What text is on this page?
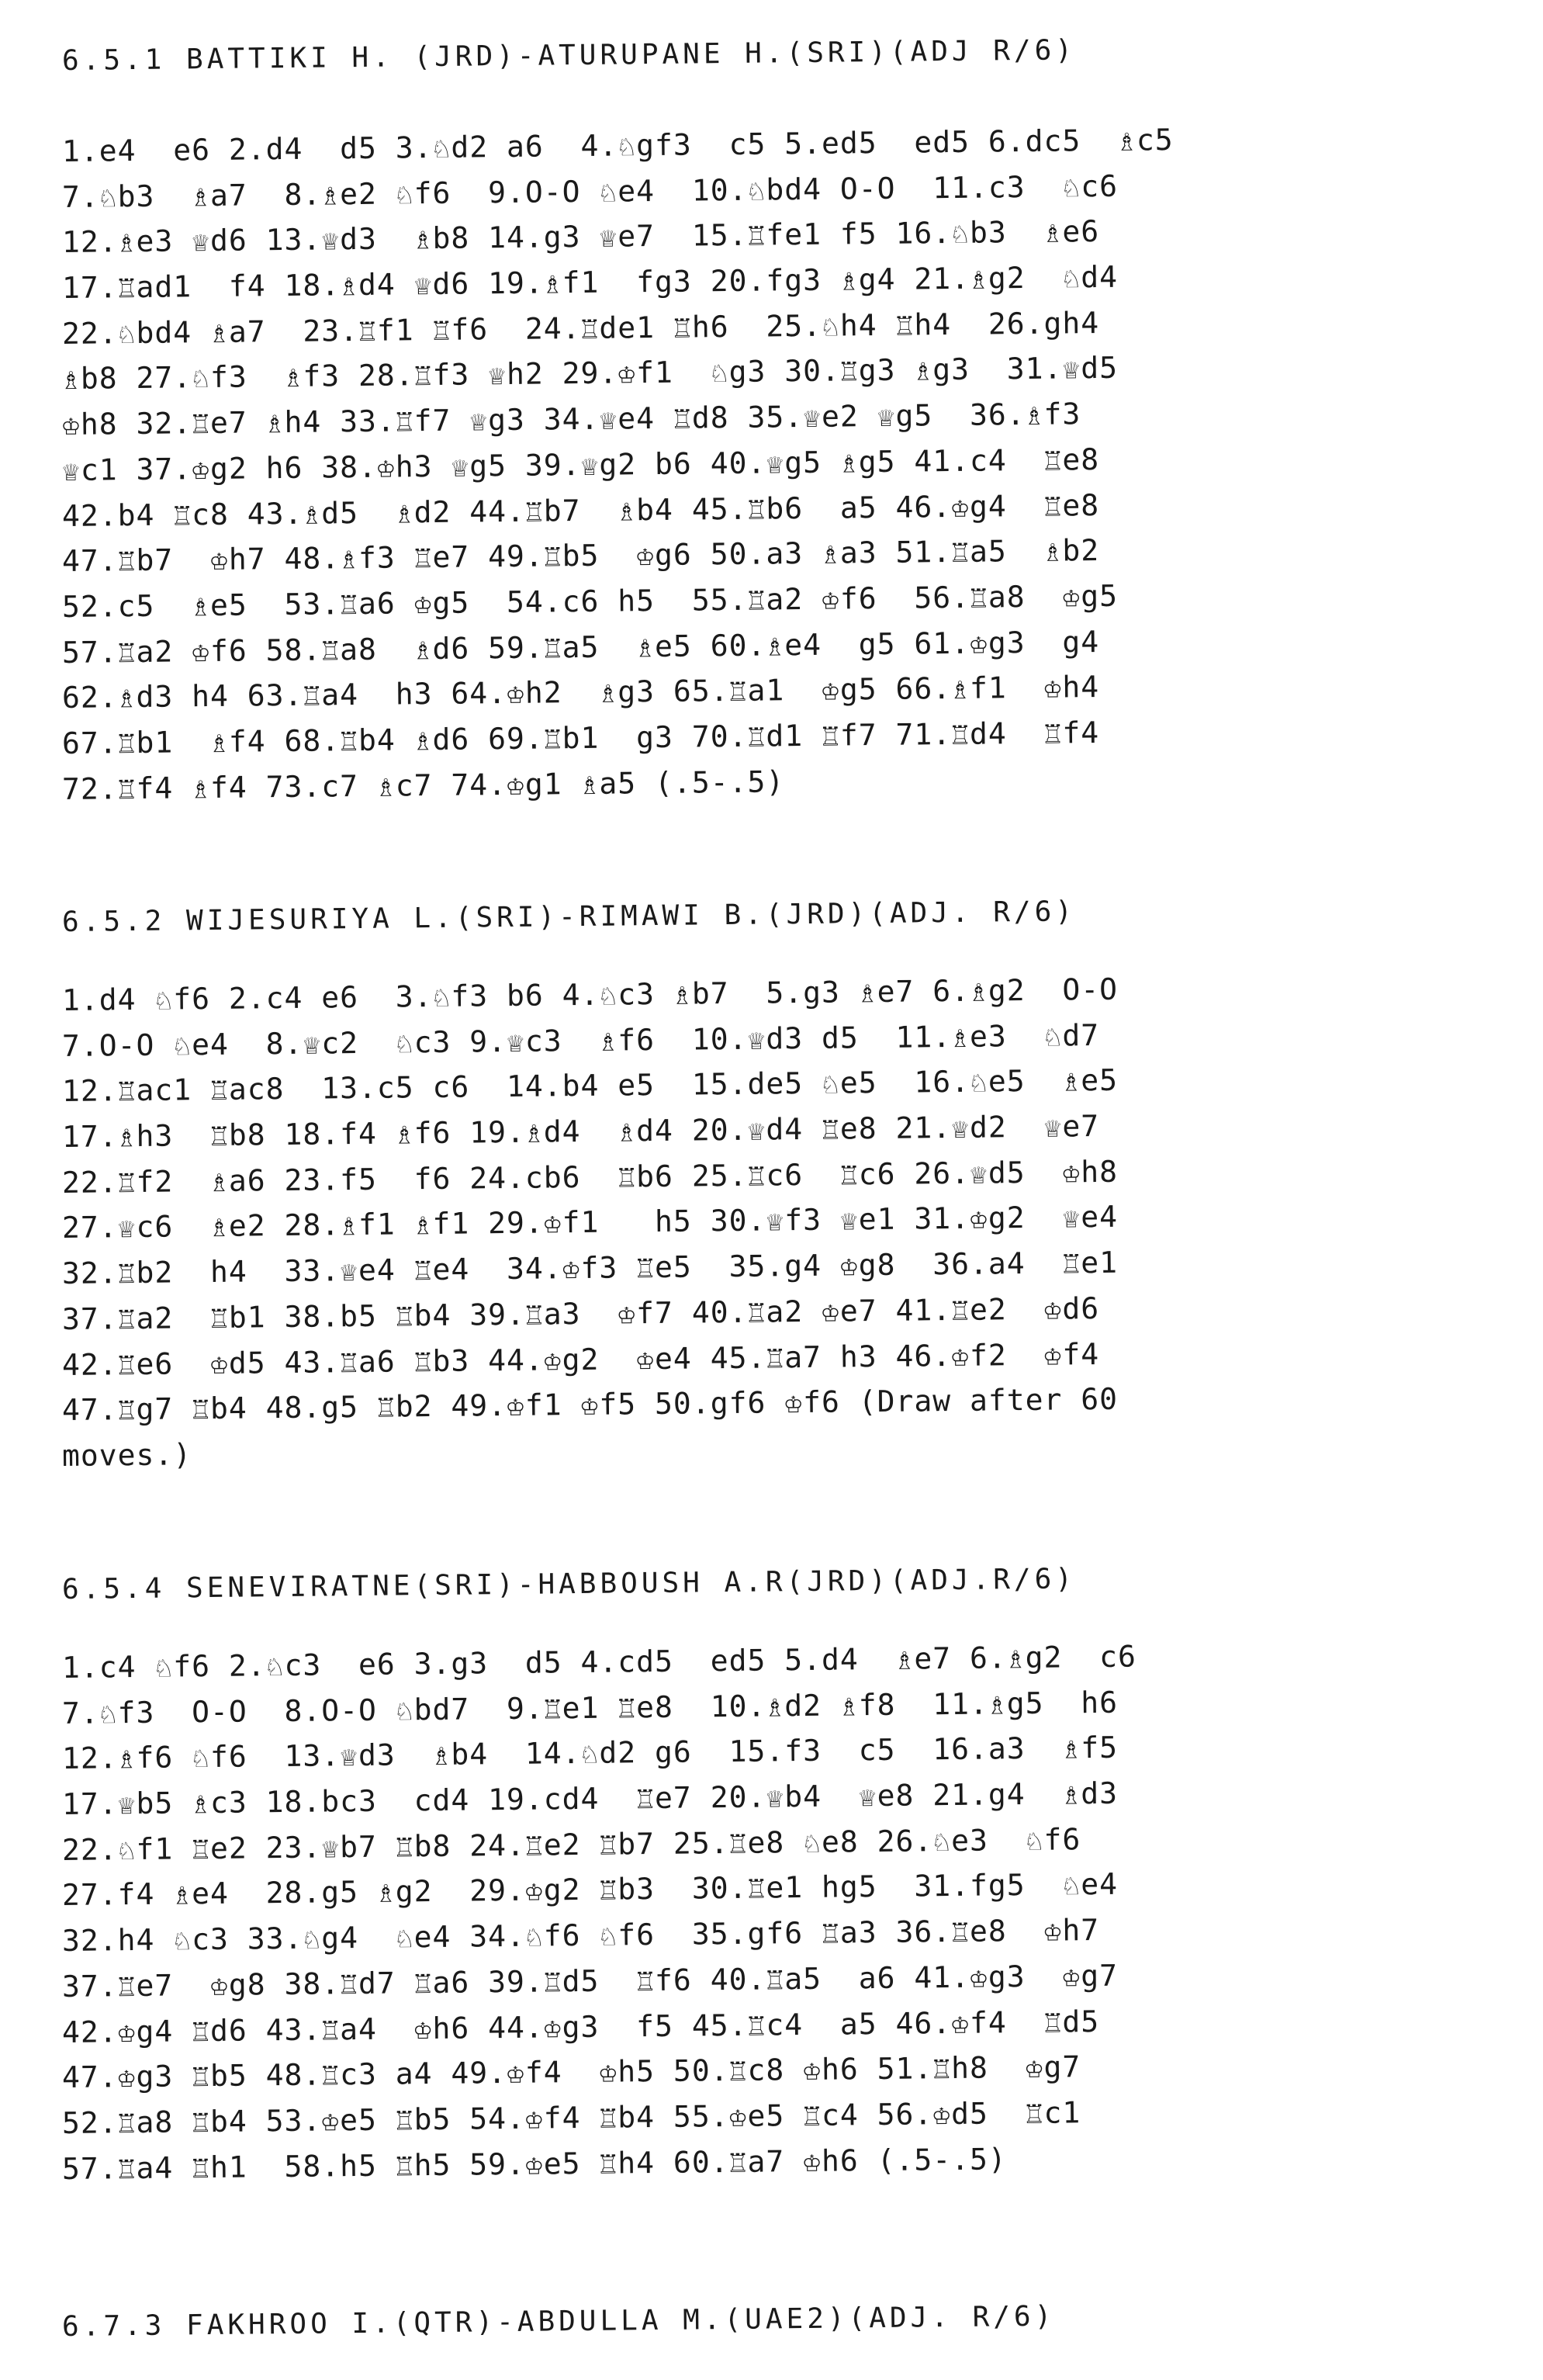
6.5.1 BATTIKI H. (JRD)-ATURUPANE H.(SRI)(ADJ R/6)
1.e4  e6 2.d4  d5 3.♘d2 a6  4.♘gf3  c5 5.ed5  ed5 6.dc5  ♗c5
7.♘b3  ♗a7  8.♗e2 ♘f6  9.O-O ♘e4  10.♘bd4 O-O  11.c3  ♘c6
12.♗e3 ♕d6 13.♕d3  ♗b8 14.g3 ♕e7  15.♖fe1 f5 16.♘b3  ♗e6
17.♖ad1  f4 18.♗d4 ♕d6 19.♗f1  fg3 20.fg3 ♗g4 21.♗g2  ♘d4
22.♘bd4 ♗a7  23.♖f1 ♖f6  24.♖de1 ♖h6  25.♘h4 ♖h4  26.gh4
♗b8 27.♘f3  ♗f3 28.♖f3 ♕h2 29.♔f1  ♘g3 30.♖g3 ♗g3  31.♕d5
♔h8 32.♖e7 ♗h4 33.♖f7 ♕g3 34.♕e4 ♖d8 35.♕e2 ♕g5  36.♗f3
♕c1 37.♔g2 h6 38.♔h3 ♕g5 39.♕g2 b6 40.♕g5 ♗g5 41.c4  ♖e8
42.b4 ♖c8 43.♗d5  ♗d2 44.♖b7  ♗b4 45.♖b6  a5 46.♔g4  ♖e8
47.♖b7  ♔h7 48.♗f3 ♖e7 49.♖b5  ♔g6 50.a3 ♗a3 51.♖a5  ♗b2
52.c5  ♗e5  53.♖a6 ♔g5  54.c6 h5  55.♖a2 ♔f6  56.♖a8  ♔g5
57.♖a2 ♔f6 58.♖a8  ♗d6 59.♖a5  ♗e5 60.♗e4  g5 61.♔g3  g4
62.♗d3 h4 63.♖a4  h3 64.♔h2  ♗g3 65.♖a1  ♔g5 66.♗f1  ♔h4
67.♖b1  ♗f4 68.♖b4 ♗d6 69.♖b1  g3 70.♖d1 ♖f7 71.♖d4  ♖f4
72.♖f4 ♗f4 73.c7 ♗c7 74.♔g1 ♗a5 (.5-.5)
6.5.2 WIJESURIYA L.(SRI)-RIMAWI B.(JRD)(ADJ. R/6)
1.d4 ♘f6 2.c4 e6  3.♘f3 b6 4.♘c3 ♗b7  5.g3 ♗e7 6.♗g2  O-O
7.O-O ♘e4  8.♕c2  ♘c3 9.♕c3  ♗f6  10.♕d3 d5  11.♗e3  ♘d7
12.♖ac1 ♖ac8  13.c5 c6  14.b4 e5  15.de5 ♘e5  16.♘e5  ♗e5
17.♗h3  ♖b8 18.f4 ♗f6 19.♗d4  ♗d4 20.♕d4 ♖e8 21.♕d2  ♕e7
22.♖f2  ♗a6 23.f5  f6 24.cb6  ♖b6 25.♖c6  ♖c6 26.♕d5  ♔h8
27.♕c6  ♗e2 28.♗f1 ♗f1 29.♔f1   h5 30.♕f3 ♕e1 31.♔g2  ♕e4
32.♖b2  h4  33.♕e4 ♖e4  34.♔f3 ♖e5  35.g4 ♔g8  36.a4  ♖e1
37.♖a2  ♖b1 38.b5 ♖b4 39.♖a3  ♔f7 40.♖a2 ♔e7 41.♖e2  ♔d6
42.♖e6  ♔d5 43.♖a6 ♖b3 44.♔g2  ♔e4 45.♖a7 h3 46.♔f2  ♔f4
47.♖g7 ♖b4 48.g5 ♖b2 49.♔f1 ♔f5 50.gf6 ♔f6 (Draw after 60
moves.)
6.5.4 SENEVIRATNE(SRI)-HABBOUSH A.R(JRD)(ADJ.R/6)
1.c4 ♘f6 2.♘c3  e6 3.g3  d5 4.cd5  ed5 5.d4  ♗e7 6.♗g2  c6
7.♘f3  O-O  8.O-O ♘bd7  9.♖e1 ♖e8  10.♗d2 ♗f8  11.♗g5  h6
12.♗f6 ♘f6  13.♕d3  ♗b4  14.♘d2 g6  15.f3  c5  16.a3  ♗f5
17.♕b5 ♗c3 18.bc3  cd4 19.cd4  ♖e7 20.♕b4  ♕e8 21.g4  ♗d3
22.♘f1 ♖e2 23.♕b7 ♖b8 24.♖e2 ♖b7 25.♖e8 ♘e8 26.♘e3  ♘f6
27.f4 ♗e4  28.g5 ♗g2  29.♔g2 ♖b3  30.♖e1 hg5  31.fg5  ♘e4
32.h4 ♘c3 33.♘g4  ♘e4 34.♘f6 ♘f6  35.gf6 ♖a3 36.♖e8  ♔h7
37.♖e7  ♔g8 38.♖d7 ♖a6 39.♖d5  ♖f6 40.♖a5  a6 41.♔g3  ♔g7
42.♔g4 ♖d6 43.♖a4  ♔h6 44.♔g3  f5 45.♖c4  a5 46.♔f4  ♖d5
47.♔g3 ♖b5 48.♖c3 a4 49.♔f4  ♔h5 50.♖c8 ♔h6 51.♖h8  ♔g7
52.♖a8 ♖b4 53.♔e5 ♖b5 54.♔f4 ♖b4 55.♔e5 ♖c4 56.♔d5  ♖c1
57.♖a4 ♖h1  58.h5 ♖h5 59.♔e5 ♖h4 60.♖a7 ♔h6 (.5-.5)
6.7.3 FAKHROO I.(QTR)-ABDULLA M.(UAE2)(ADJ. R/6)
